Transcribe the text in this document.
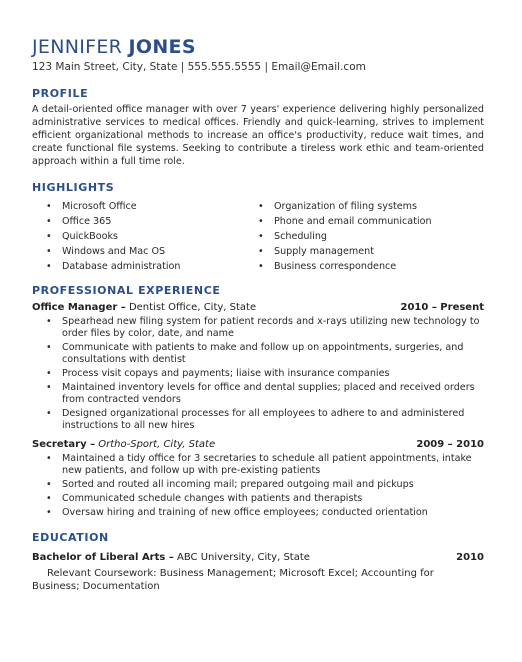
JENNIFER JONES
123 Main Street, City, State | 555.555.5555 | Email@Email.com
PROFILE
A detail-oriented office manager with over 7 years' experience delivering highly personalized administrative services to medical offices. Friendly and quick-learning, strives to implement efficient organizational methods to increase an office's productivity, reduce wait times, and create functional file systems. Seeking to contribute a tireless work ethic and team-oriented approach within a full time role.
HIGHLIGHTS
• Microsoft Office
• Office 365
• QuickBooks
• Windows and Mac OS
• Database administration
• Organization of filing systems
• Phone and email communication
• Scheduling
• Supply management
• Business correspondence
PROFESSIONAL EXPERIENCE
Office Manager – Dentist Office, City, State	2010 – Present
• Spearhead new filing system for patient records and x-rays utilizing new technology to order files by color, date, and name
• Communicate with patients to make and follow up on appointments, surgeries, and consultations with dentist
• Process visit copays and payments; liaise with insurance companies
• Maintained inventory levels for office and dental supplies; placed and received orders from contracted vendors
• Designed organizational processes for all employees to adhere to and administered instructions to all new hires
Secretary – Ortho-Sport, City, State	2009 – 2010
• Maintained a tidy office for 3 secretaries to schedule all patient appointments, intake new patients, and follow up with pre-existing patients
• Sorted and routed all incoming mail; prepared outgoing mail and pickups
• Communicated schedule changes with patients and therapists
• Oversaw hiring and training of new office employees; conducted orientation
EDUCATION
Bachelor of Liberal Arts – ABC University, City, State	2010
Relevant Coursework: Business Management; Microsoft Excel; Accounting for Business; Documentation
